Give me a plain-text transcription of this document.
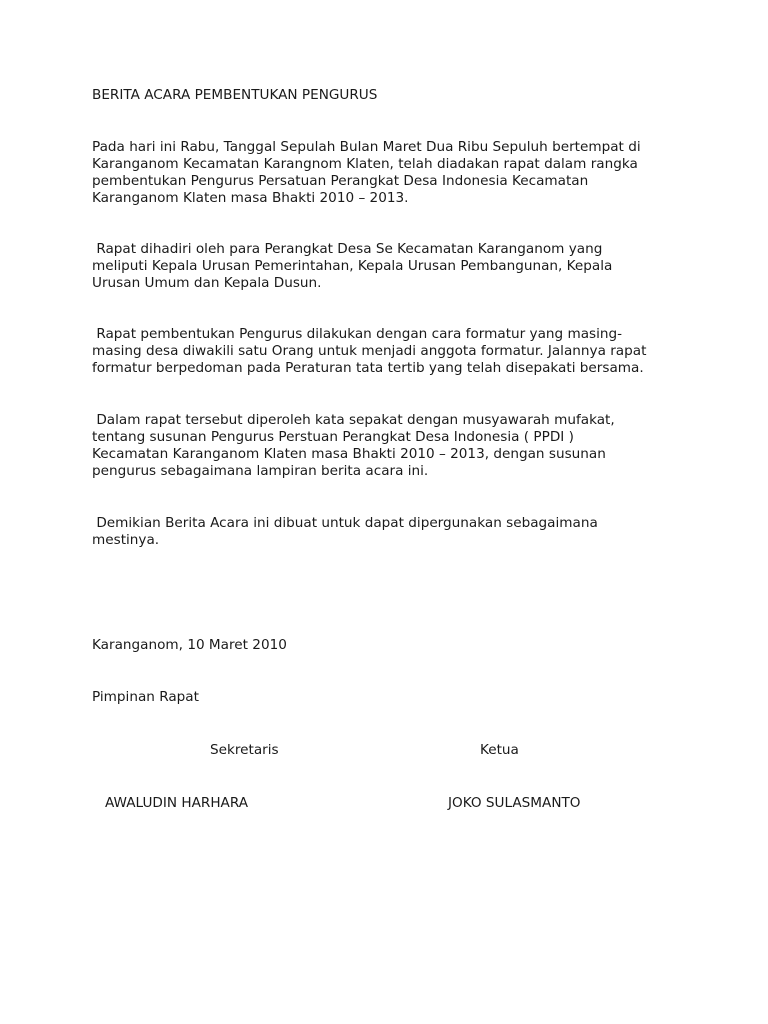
BERITA ACARA PEMBENTUKAN PENGURUS
Pada hari ini Rabu, Tanggal Sepulah Bulan Maret Dua Ribu Sepuluh bertempat di
Karanganom Kecamatan Karangnom Klaten, telah diadakan rapat dalam rangka
pembentukan Pengurus Persatuan Perangkat Desa Indonesia Kecamatan
Karanganom Klaten masa Bhakti 2010 – 2013.
Rapat dihadiri oleh para Perangkat Desa Se Kecamatan Karanganom yang
meliputi Kepala Urusan Pemerintahan, Kepala Urusan Pembangunan, Kepala
Urusan Umum dan Kepala Dusun.
Rapat pembentukan Pengurus dilakukan dengan cara formatur yang masing-
masing desa diwakili satu Orang untuk menjadi anggota formatur. Jalannya rapat
formatur berpedoman pada Peraturan tata tertib yang telah disepakati bersama.
Dalam rapat tersebut diperoleh kata sepakat dengan musyawarah mufakat,
tentang susunan Pengurus Perstuan Perangkat Desa Indonesia ( PPDI )
Kecamatan Karanganom Klaten masa Bhakti 2010 – 2013, dengan susunan
pengurus sebagaimana lampiran berita acara ini.
Demikian Berita Acara ini dibuat untuk dapat dipergunakan sebagaimana
mestinya.
Karanganom, 10 Maret 2010
Pimpinan Rapat
Sekretaris	Ketua
AWALUDIN HARHARA	JOKO SULASMANTO
